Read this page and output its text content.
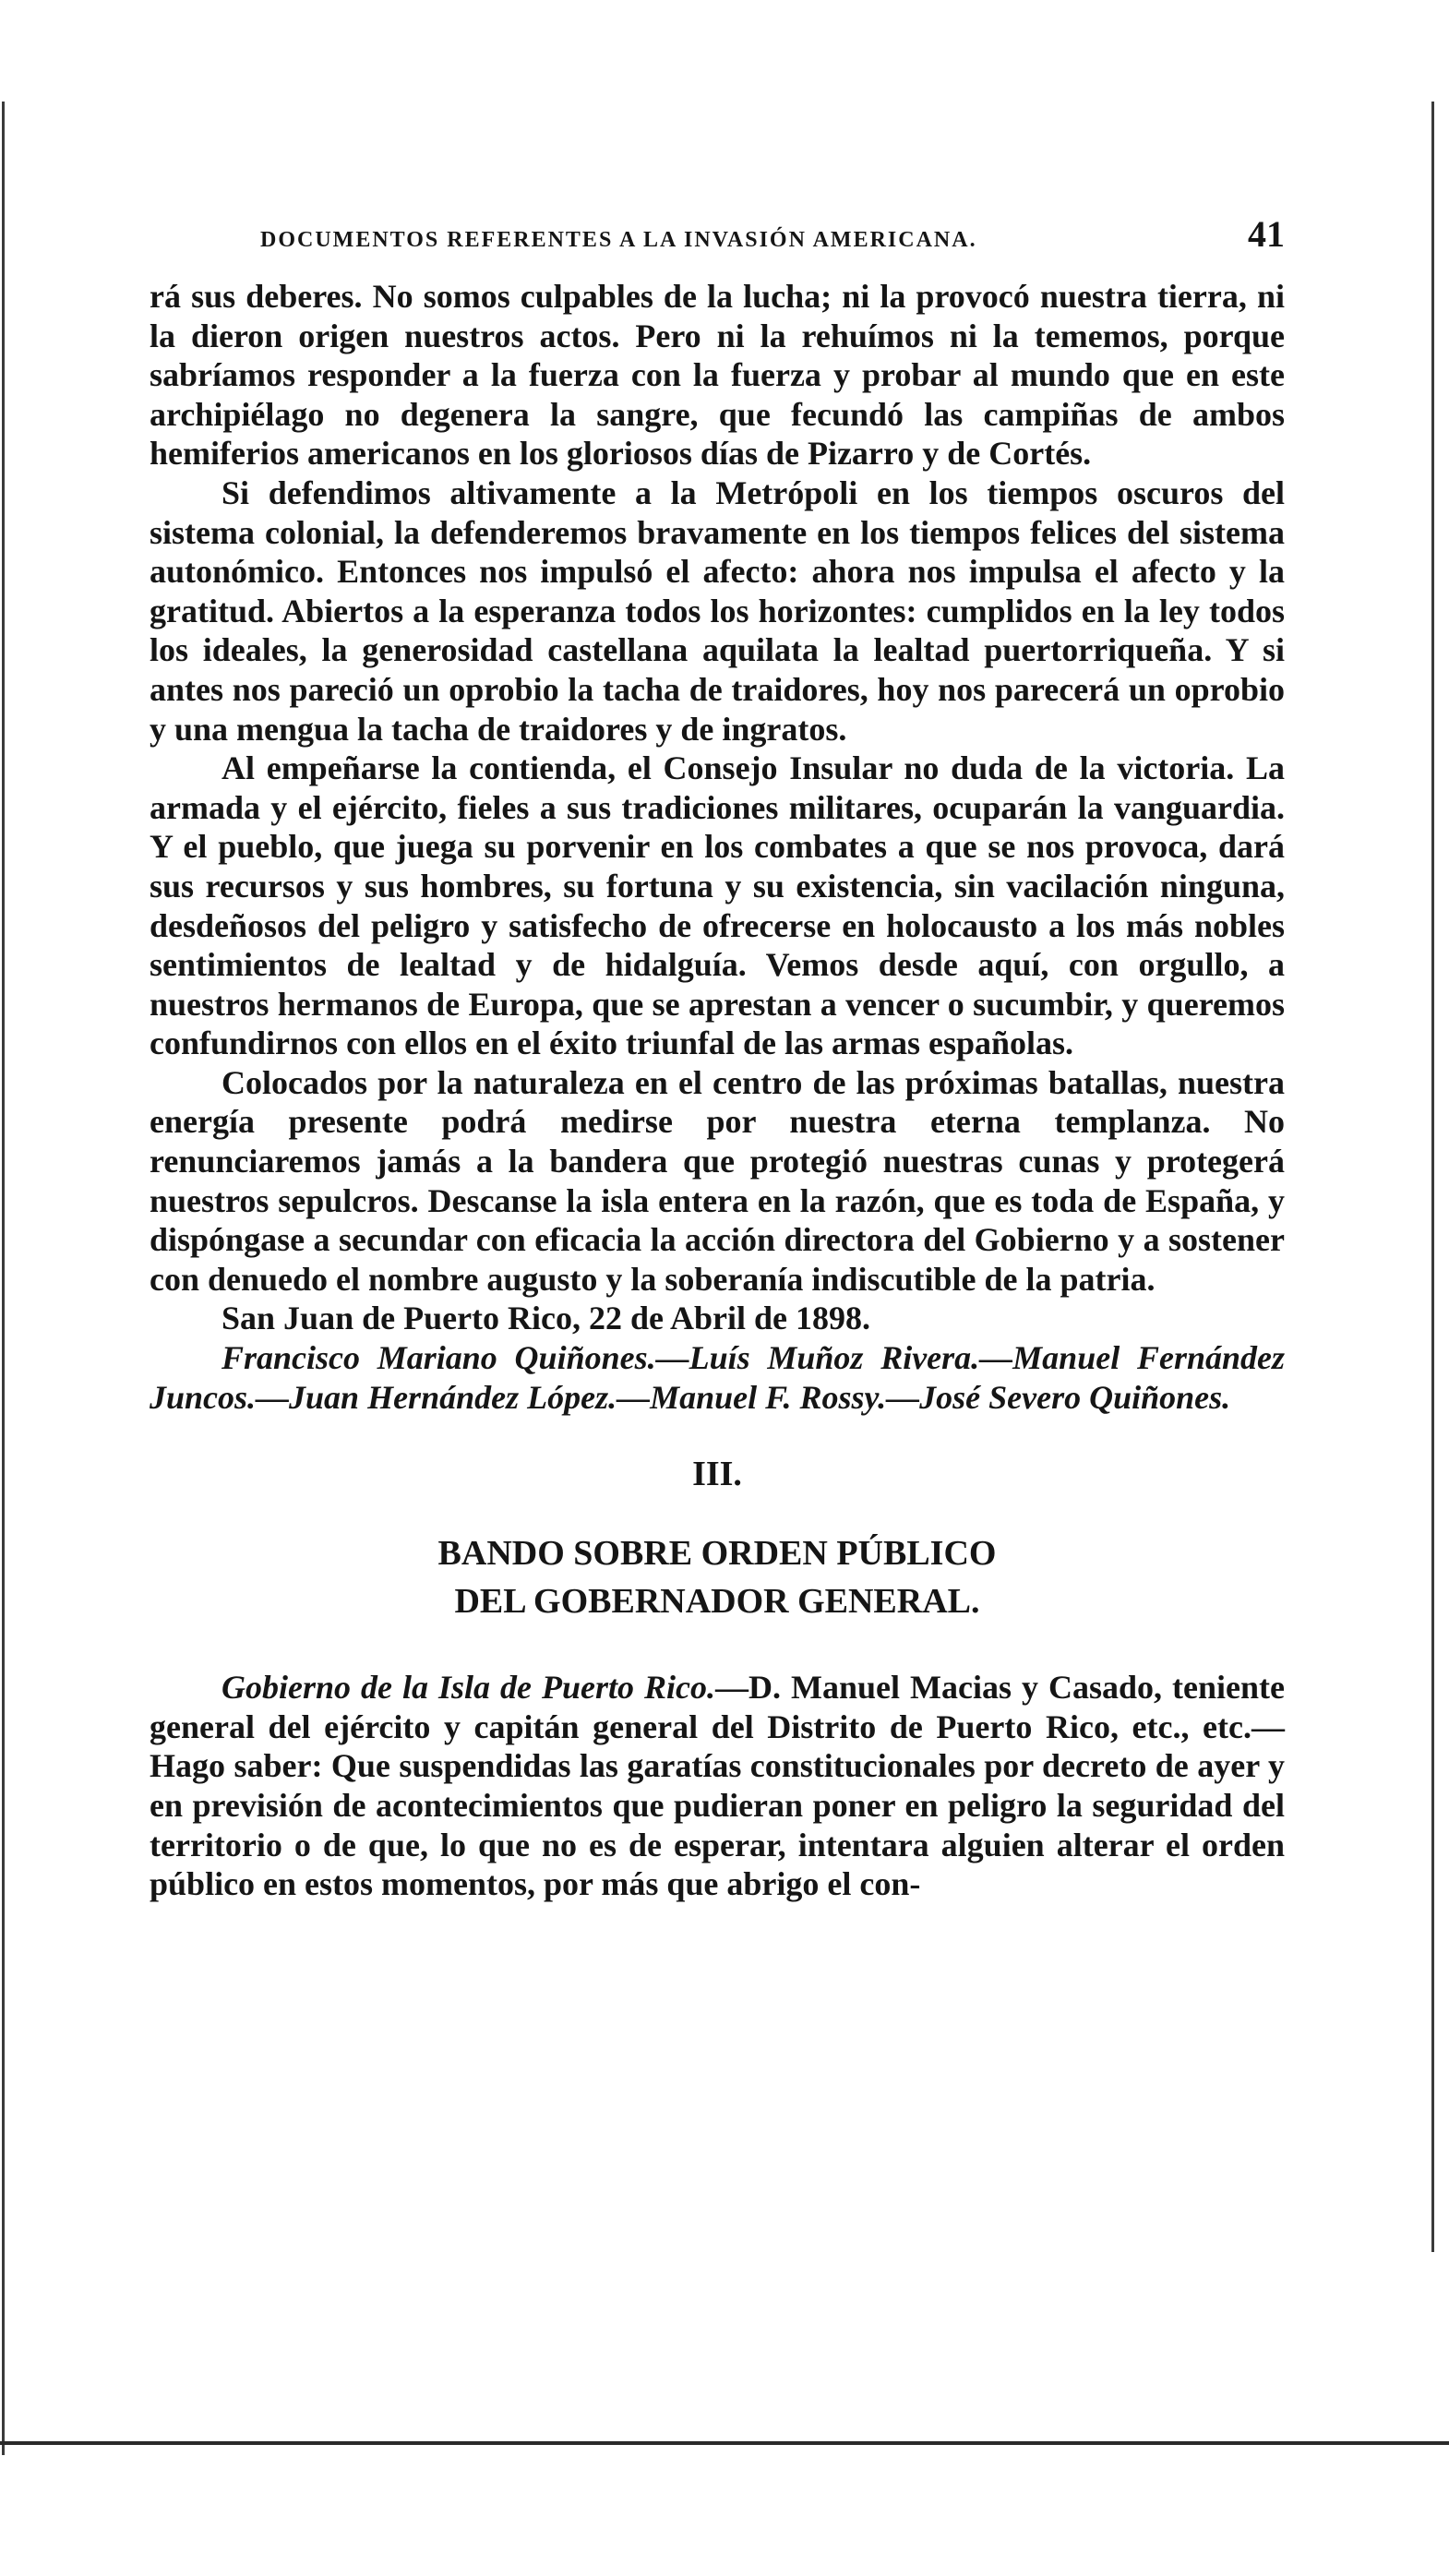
DOCUMENTOS REFERENTES A LA INVASIÓN AMERICANA.	41

rá sus deberes. No somos culpables de la lucha; ni la provocó nuestra tierra, ni la dieron origen nuestros actos. Pero ni la rehuímos ni la tememos, porque sabríamos responder a la fuerza con la fuerza y probar al mundo que en este archipiélago no degenera la sangre, que fecundó las campiñas de ambos hemiferios americanos en los gloriosos días de Pizarro y de Cortés.

Si defendimos altivamente a la Metrópoli en los tiempos oscuros del sistema colonial, la defenderemos bravamente en los tiempos felices del sistema autonómico. Entonces nos impulsó el afecto: ahora nos impulsa el afecto y la gratitud. Abiertos a la esperanza todos los horizontes: cumplidos en la ley todos los ideales, la generosidad castellana aquilata la lealtad puertorriqueña. Y si antes nos pareció un oprobio la tacha de traidores, hoy nos parecerá un oprobio y una mengua la tacha de traidores y de ingratos.

Al empeñarse la contienda, el Consejo Insular no duda de la victoria. La armada y el ejército, fieles a sus tradiciones militares, ocuparán la vanguardia. Y el pueblo, que juega su porvenir en los combates a que se nos provoca, dará sus recursos y sus hombres, su fortuna y su existencia, sin vacilación ninguna, desdeñosos del peligro y satisfecho de ofrecerse en holocausto a los más nobles sentimientos de lealtad y de hidalguía. Vemos desde aquí, con orgullo, a nuestros hermanos de Europa, que se aprestan a vencer o sucumbir, y queremos confundirnos con ellos en el éxito triunfal de las armas españolas.

Colocados por la naturaleza en el centro de las próximas batallas, nuestra energía presente podrá medirse por nuestra eterna templanza. No renunciaremos jamás a la bandera que protegió nuestras cunas y protegerá nuestros sepulcros. Descanse la isla entera en la razón, que es toda de España, y dispóngase a secundar con eficacia la acción directora del Gobierno y a sostener con denuedo el nombre augusto y la soberanía indiscutible de la patria.

San Juan de Puerto Rico, 22 de Abril de 1898.

Francisco Mariano Quiñones.—Luís Muñoz Rivera.—Manuel Fernández Juncos.—Juan Hernández López.—Manuel F. Rossy.—José Severo Quiñones.

III.
BANDO SOBRE ORDEN PÚBLICO
DEL GOBERNADOR GENERAL.

Gobierno de la Isla de Puerto Rico.—D. Manuel Macias y Casado, teniente general del ejército y capitán general del Distrito de Puerto Rico, etc., etc.—Hago saber: Que suspendidas las garatías constitucionales por decreto de ayer y en previsión de acontecimientos que pudieran poner en peligro la seguridad del territorio o de que, lo que no es de esperar, intentara alguien alterar el orden público en estos momentos, por más que abrigo el con-
